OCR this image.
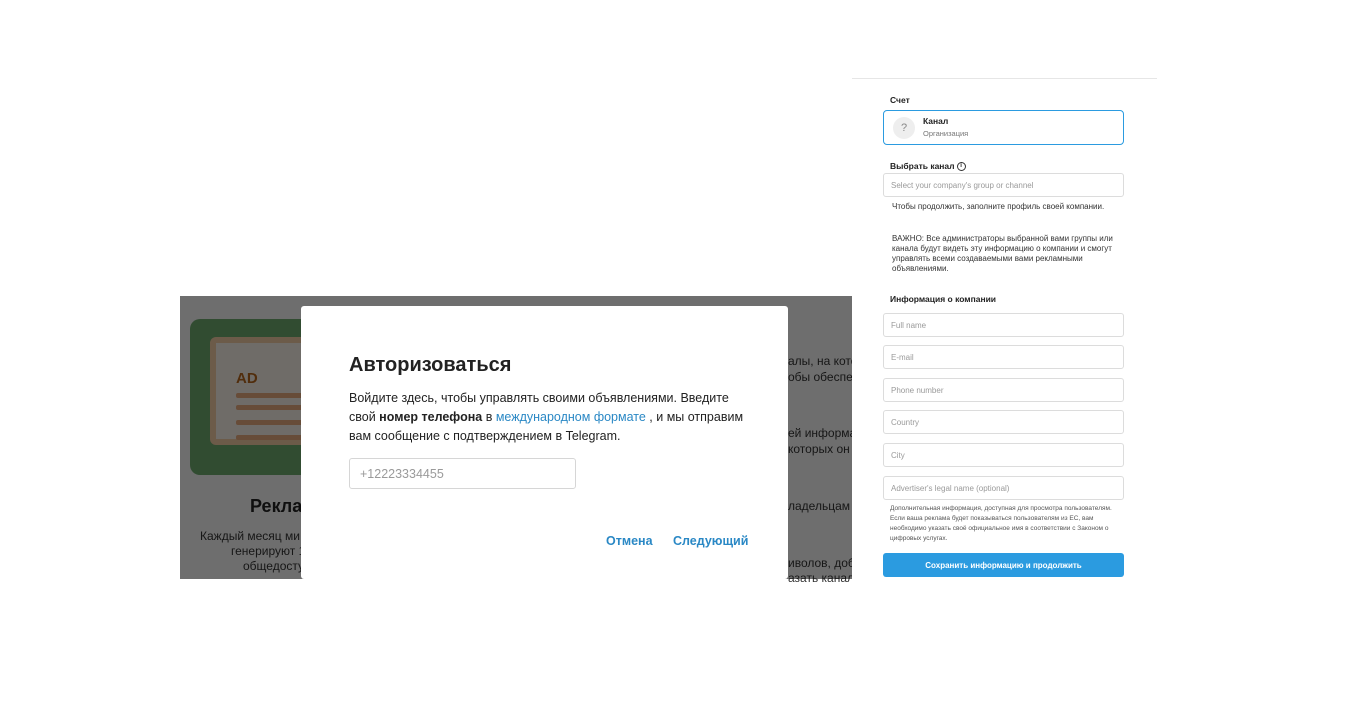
Авторизоваться
Войдите здесь, чтобы управлять своими объявлениями. Введите свой номер телефона в международном формате , и мы отправим вам сообщение с подтверждением в Telegram.
+12223334455
Отмена Следующий
Счет
?
Канал
Организация
Выбрать канал i
Select your company's group or channel
Чтобы продолжить, заполните профиль своей компании.
ВАЖНО: Все администраторы выбранной вами группы или канала будут видеть эту информацию о компании и смогут управлять всеми создаваемыми вами рекламными объявлениями.
Информация о компании
Full name
E-mail
Phone number
Country
City
Advertiser's legal name (optional)
Дополнительная информация, доступная для просмотра пользователям. Если ваша реклама будет показываться пользователям из ЕС, вам необходимо указать своё официальное имя в соответствии с Законом о цифровых услугах.
Сохранить информацию и продолжить
